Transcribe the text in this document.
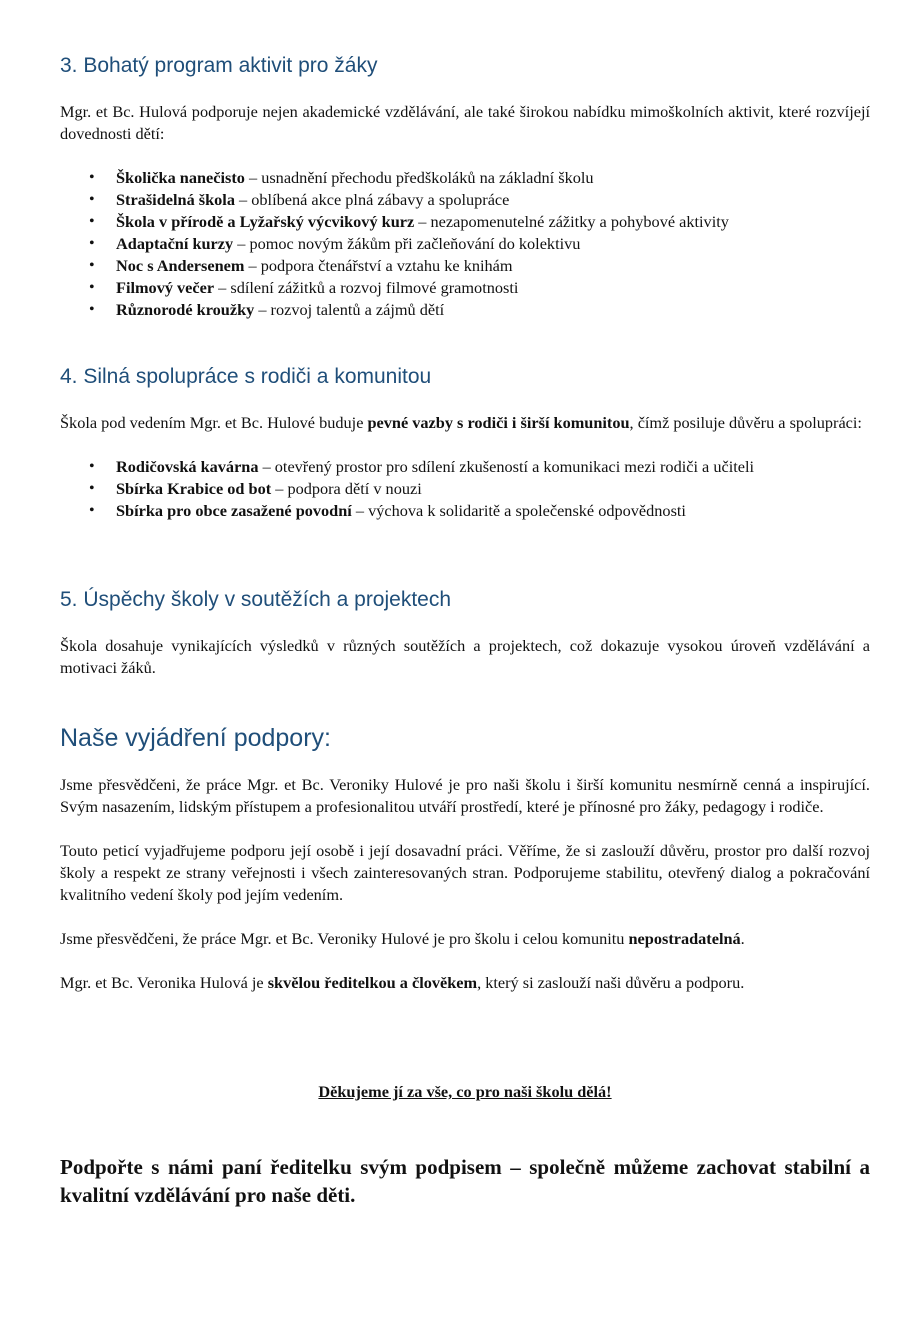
3. Bohatý program aktivit pro žáky

Mgr. et Bc. Hulová podporuje nejen akademické vzdělávání, ale také širokou nabídku mimoškolních aktivit, které rozvíjejí dovednosti dětí:

• Školička nanečisto – usnadnění přechodu předškoláků na základní školu
• Strašidelná škola – oblíbená akce plná zábavy a spolupráce
• Škola v přírodě a Lyžařský výcvikový kurz – nezapomenutelné zážitky a pohybové aktivity
• Adaptační kurzy – pomoc novým žákům při začleňování do kolektivu
• Noc s Andersenem – podpora čtenářství a vztahu ke knihám
• Filmový večer – sdílení zážitků a rozvoj filmové gramotnosti
• Různorodé kroužky – rozvoj talentů a zájmů dětí
4. Silná spolupráce s rodiči a komunitou

Škola pod vedením Mgr. et Bc. Hulové buduje pevné vazby s rodiči i širší komunitou, čímž posiluje důvěru a spolupráci:

• Rodičovská kavárna – otevřený prostor pro sdílení zkušeností a komunikaci mezi rodiči a učiteli
• Sbírka Krabice od bot – podpora dětí v nouzi
• Sbírka pro obce zasažené povodní – výchova k solidaritě a společenské odpovědnosti
5. Úspěchy školy v soutěžích a projektech

Škola dosahuje vynikajících výsledků v různých soutěžích a projektech, což dokazuje vysokou úroveň vzdělávání a motivaci žáků.

Naše vyjádření podpory:

Jsme přesvědčeni, že práce Mgr. et Bc. Veroniky Hulové je pro naši školu i širší komunitu nesmírně cenná a inspirující. Svým nasazením, lidským přístupem a profesionalitou utváří prostředí, které je přínosné pro žáky, pedagogy i rodiče.

Touto peticí vyjadřujeme podporu její osobě i její dosavadní práci. Věříme, že si zaslouží důvěru, prostor pro další rozvoj školy a respekt ze strany veřejnosti i všech zainteresovaných stran. Podporujeme stabilitu, otevřený dialog a pokračování kvalitního vedení školy pod jejím vedením.

Jsme přesvědčeni, že práce Mgr. et Bc. Veroniky Hulové je pro školu i celou komunitu nepostradatelná.

Mgr. et Bc. Veronika Hulová je skvělou ředitelkou a člověkem, který si zaslouží naši důvěru a podporu.

Děkujeme jí za vše, co pro naši školu dělá!

Podpořte s námi paní ředitelku svým podpisem – společně můžeme zachovat stabilní a kvalitní vzdělávání pro naše děti.
